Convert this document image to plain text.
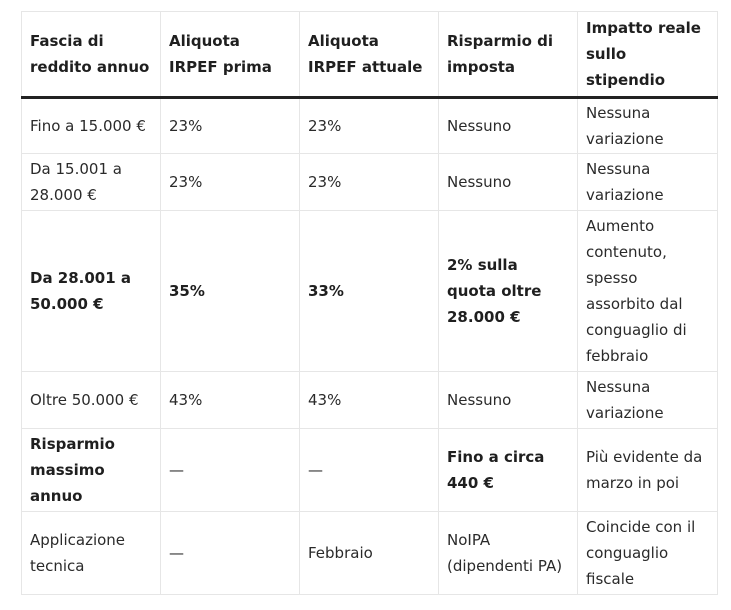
Fascia di reddito annuo	Aliquota IRPEF prima	Aliquota IRPEF attuale	Risparmio di imposta	Impatto reale sullo stipendio
Fino a 15.000 €	23%	23%	Nessuno	Nessuna variazione
Da 15.001 a 28.000 €	23%	23%	Nessuno	Nessuna variazione
Da 28.001 a 50.000 €	35%	33%	2% sulla quota oltre 28.000 €	Aumento contenuto, spesso assorbito dal conguaglio di febbraio
Oltre 50.000 €	43%	43%	Nessuno	Nessuna variazione
Risparmio massimo annuo	—	—	Fino a circa 440 €	Più evidente da marzo in poi
Applicazione tecnica	—	Febbraio	NoIPA (dipendenti PA)	Coincide con il conguaglio fiscale
